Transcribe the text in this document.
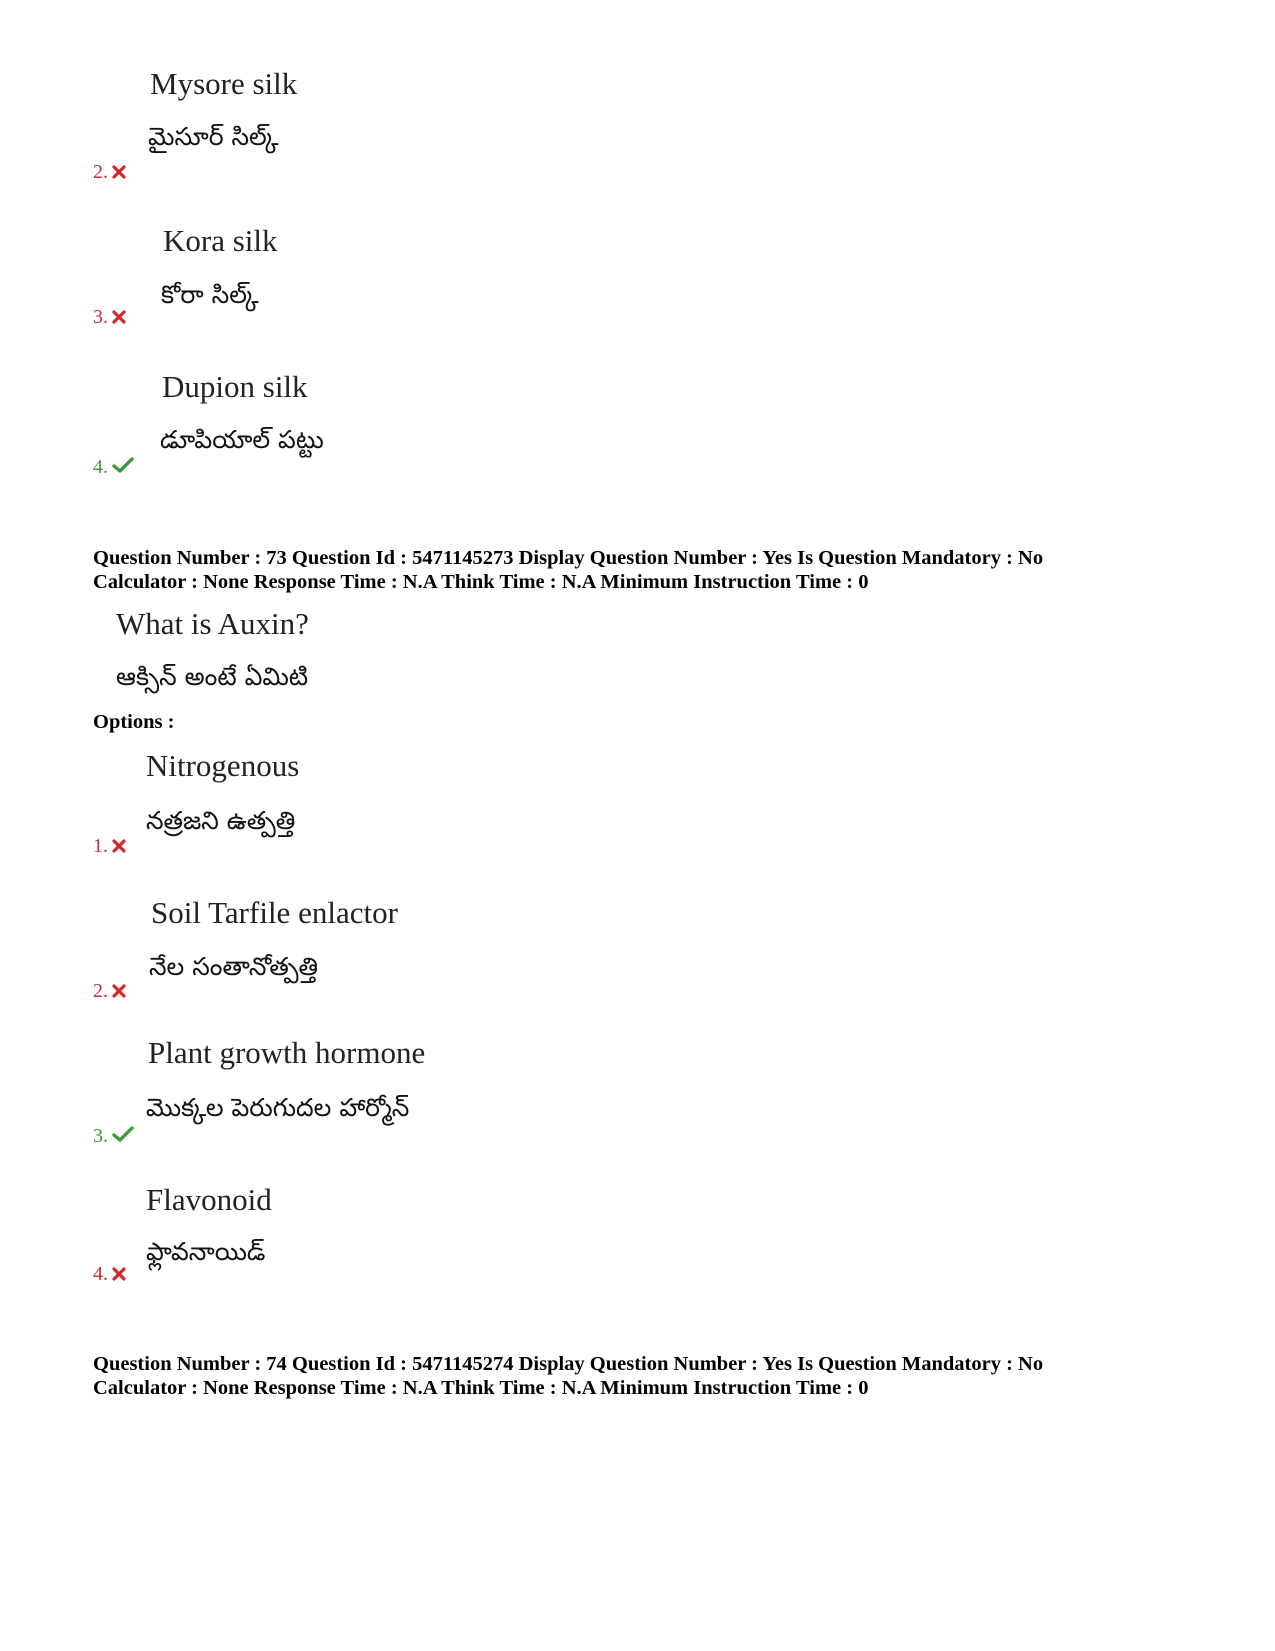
Mysore silk
మైసూర్ సిల్క్
2.
Kora silk
కోరా సిల్క్
3.
Dupion silk
డూపియాల్ పట్టు
4.
Question Number : 73 Question Id : 5471145273 Display Question Number : Yes Is Question Mandatory : No
Calculator : None Response Time : N.A Think Time : N.A Minimum Instruction Time : 0
What is Auxin?
ఆక్సిన్ అంటే ఏమిటి
Options :
Nitrogenous
నత్రజని ఉత్పత్తి
1.
Soil Tarfile enlactor
నేల సంతానోత్పత్తి
2.
Plant growth hormone
మొక్కల పెరుగుదల హార్మోన్
3.
Flavonoid
ఫ్లావనాయిడ్
4.
Question Number : 74 Question Id : 5471145274 Display Question Number : Yes Is Question Mandatory : No
Calculator : None Response Time : N.A Think Time : N.A Minimum Instruction Time : 0
